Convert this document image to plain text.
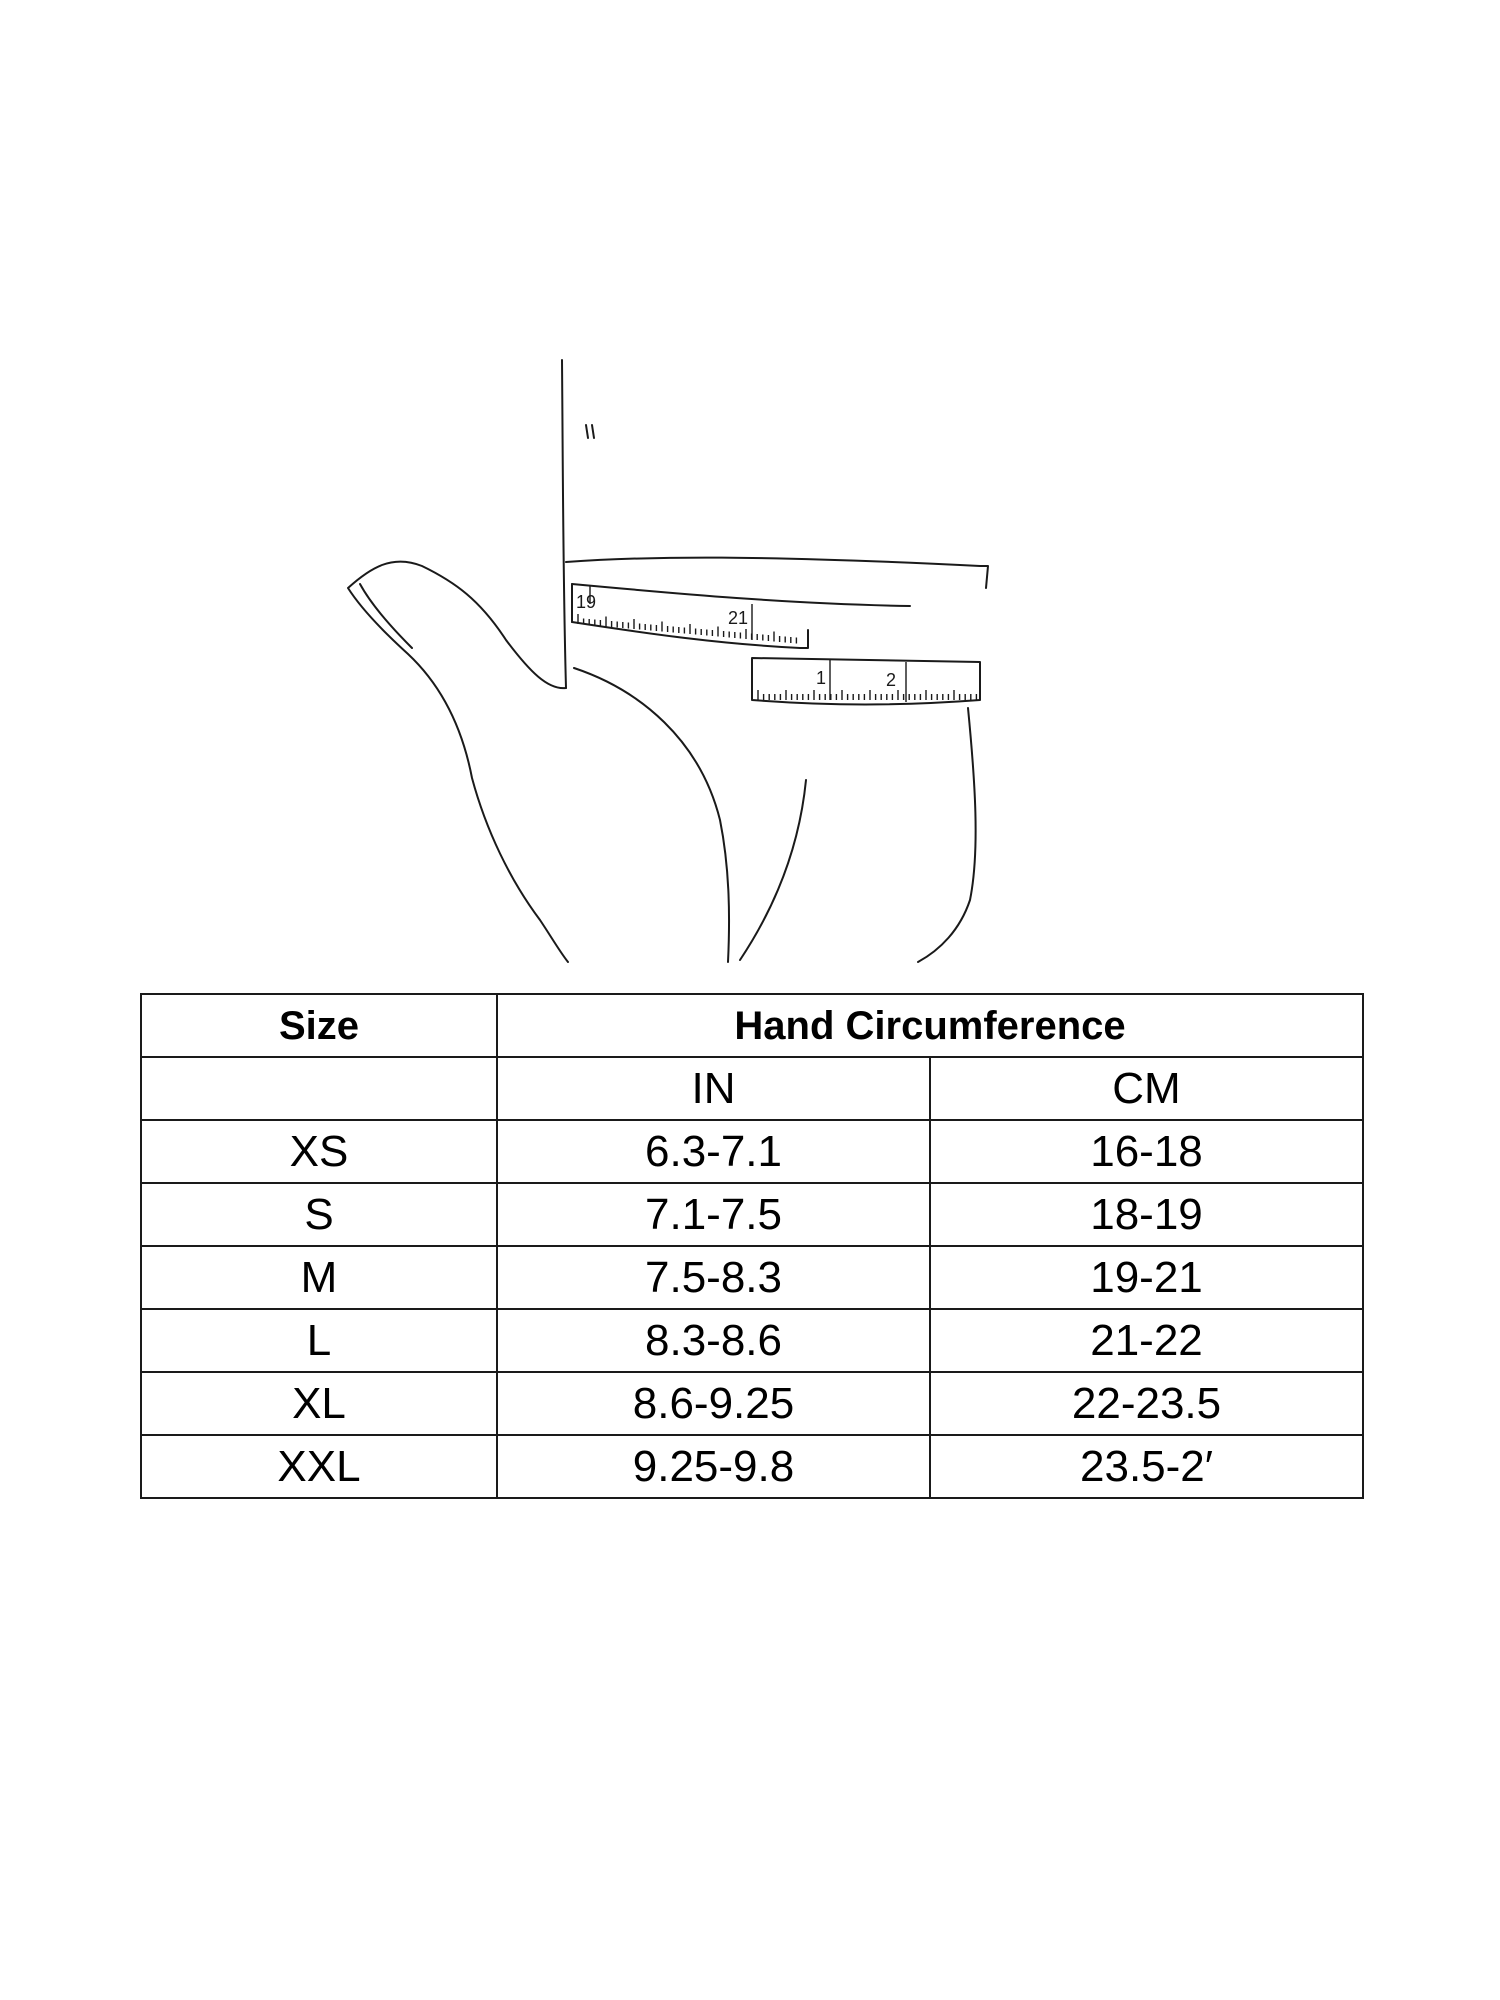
19
21
1	2
Size	Hand Circumference	
	IN	CM
XS	6.3-7.1	16-18
S	7.1-7.5	18-19
M	7.5-8.3	19-21
L	8.3-8.6	21-22
XL	8.6-9.25	22-23.5
XXL	9.25-9.8	23.5-2′
